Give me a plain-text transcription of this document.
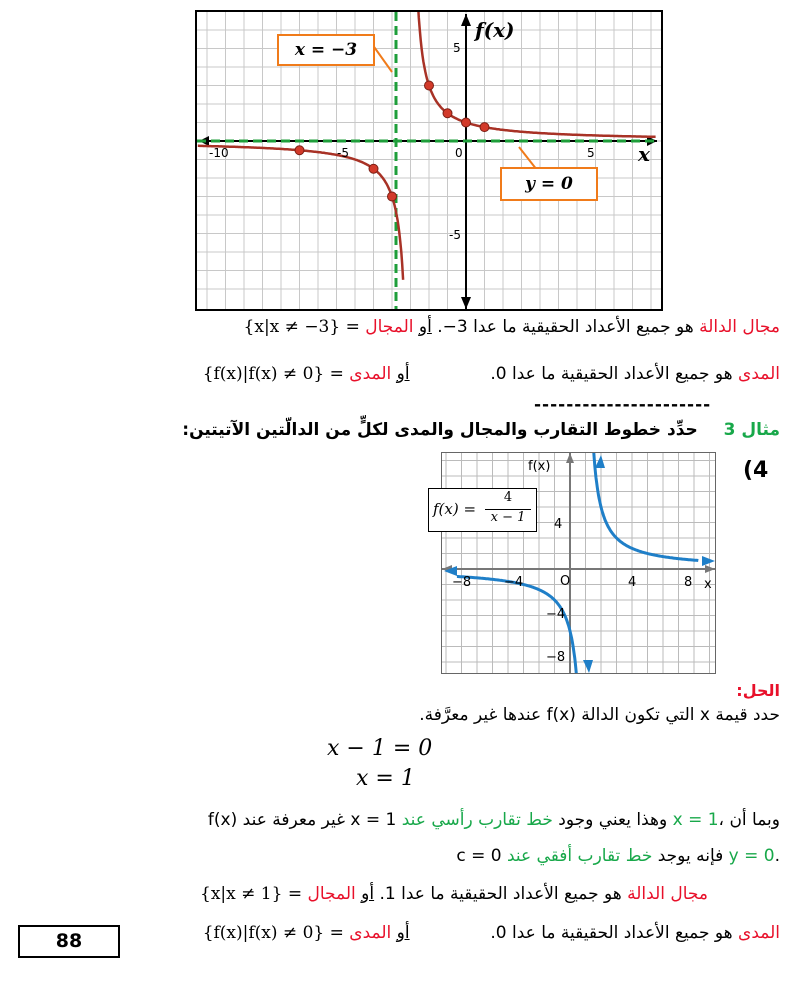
-10	-5	0	5
5
-5
f(x)
x
x = −3
y = 0
مجال الدالة هو جميع الأعداد الحقيقية ما عدا 3−. أو المجال {x|x ≠ −3} =
المدى هو جميع الأعداد الحقيقية ما عدا 0.  أو المدى {f(x)|f(x) ≠ 0} =
----------------------
مثال 3  حدِّد خطوط التقارب والمجال والمدى لكلٍّ من الدالّتين الآتيتين:
(4
f(x)
x
O
−8	−4	4	8
4
−4
−8
f(x) =
4
x − 1
الحل:
حدد قيمة x التي تكون الدالة f(x) عندها غير معرَّفة.
x − 1 = 0
x = 1
f(x) غير معرفة عند x = 1 وهذا يعني وجود خط تقارب رأسي عند x = 1، وبما أن
c = 0 فإنه يوجد خط تقارب أفقي عند y = 0.
مجال الدالة هو جميع الأعداد الحقيقية ما عدا 1. أو المجال {x|x ≠ 1} =
المدى هو جميع الأعداد الحقيقية ما عدا 0.  أو المدى {f(x)|f(x) ≠ 0} =
88
